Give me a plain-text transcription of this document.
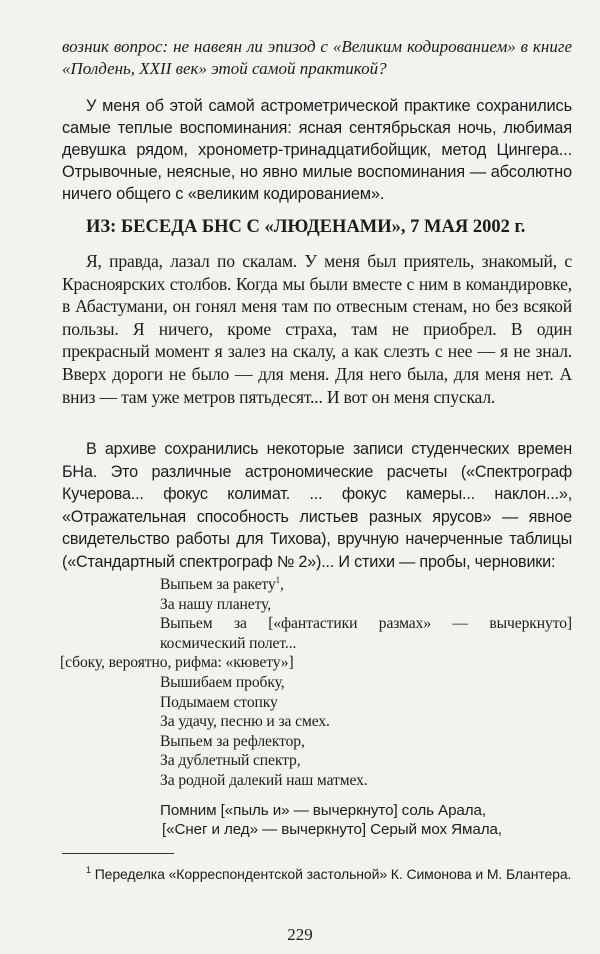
возник вопрос: не навеян ли эпизод с «Великим кодированием» в книге «Полдень, XXII век» этой самой практикой?
У меня об этой самой астрометрической практике сохранились самые теплые воспоминания: ясная сентябрьская ночь, любимая девушка рядом, хронометр-тринадцатибойщик, метод Цингера... Отрывочные, неясные, но явно милые воспоминания — абсолютно ничего общего с «великим кодированием».
ИЗ: БЕСЕДА БНС С «ЛЮДЕНАМИ», 7 МАЯ 2002 г.
Я, правда, лазал по скалам. У меня был приятель, знакомый, с Красноярских столбов. Когда мы были вместе с ним в командировке, в Абастумани, он гонял меня там по отвесным стенам, но без всякой пользы. Я ничего, кроме страха, там не приобрел. В один прекрасный момент я залез на скалу, а как слезть с нее — я не знал. Вверх дороги не было — для меня. Для него была, для меня нет. А вниз — там уже метров пятьдесят... И вот он меня спускал.
В архиве сохранились некоторые записи студенческих времен БНа. Это различные астрономические расчеты («Спектрограф Кучерова... фокус колимат. ... фокус камеры... наклон...», «Отражательная способность листьев разных ярусов» — явное свидетельство работы для Тихова), вручную начерченные таблицы («Стандартный спектрограф № 2»)... И стихи — пробы, черновики:
Выпьем за ракету$^1$,
За нашу планету,
Выпьем за [«фантастики размах» — вычеркнуто] космический полет...
[сбоку, вероятно, рифма: «кювету»]
Вышибаем пробку,
Подымаем стопку
За удачу, песню и за смех.
Выпьем за рефлектор,
За дублетный спектр,
За родной далекий наш матмех.
Помним [«пыль и» — вычеркнуто] соль Арала,
[«Снег и лед» — вычеркнуто] Серый мох Ямала,
$^1$ Переделка «Корреспондентской застольной» К. Симонова и М. Блантера.
229
